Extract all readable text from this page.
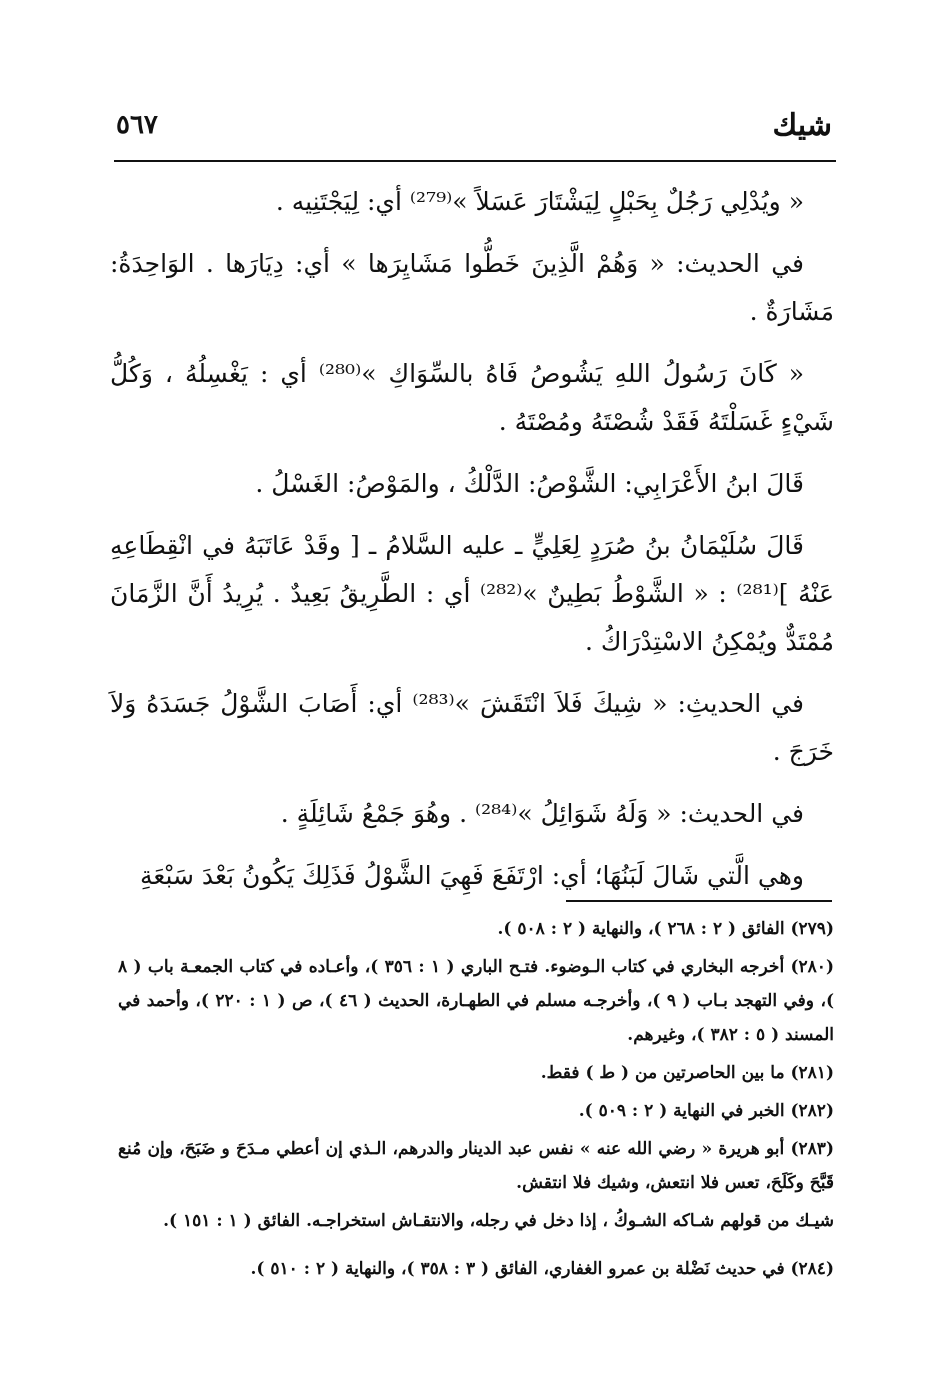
٥٦٧	شيك

« ويُدْلِي رَجُلٌ بِحَبْلٍ لِيَشْتَارَ عَسَلاً »⁽²⁷⁹⁾ أي: لِيَجْتَنِيه .

في الحديث: « وَهُمْ الَّذِينَ خَطُّوا مَشَايِرَها » أي: دِيَارَها . الوَاحِدَةُ: مَشَارَةٌ .

« كَانَ رَسُولُ اللهِ يَشُوصُ فَاهُ بالسِّوَاكِ »⁽²⁸⁰⁾ أي : يَغْسِلُهُ ، وَكُلُّ شَيْءٍ غَسَلْتَهُ فَقَدْ شُصْتَهُ ومُصْتَهُ .

قَالَ ابنُ الأَعْرَابِي: الشَّوْصُ: الدَّلْكُ ، والمَوْصُ: الغَسْلُ .

قَالَ سُلَيْمَانُ بنُ صُرَدٍ لِعَلِيٍّ ـ عليه السَّلامُ ـ [ وقَدْ عَاتَبَهُ في انْقِطَاعِهِ عَنْهُ ]⁽²⁸¹⁾ : « الشَّوْطُ بَطِينٌ »⁽²⁸²⁾ أي : الطَّرِيقُ بَعِيدٌ . يُرِيدُ أَنَّ الزَّمَانَ مُمْتَدٌّ ويُمْكِنُ الاسْتِدْرَاكُ .

في الحديثِ: « شِيكَ فَلاَ انْتَقَشَ »⁽²⁸³⁾ أي: أَصَابَ الشَّوْلُ جَسَدَهُ وَلاَ خَرَجَ .

في الحديث: « وَلَهُ شَوَائِلُ »⁽²⁸⁴⁾ . وهُوَ جَمْعُ شَائِلَةٍ .

وهي الَّتي شَالَ لَبَنُهَا؛ أي: ارْتَفَعَ فَهِيَ الشَّوْلُ فَذَلِكَ يَكُونُ بَعْدَ سَبْعَةِ

(٢٧٩) الفائق ( ٢ : ٢٦٨ )، والنهاية ( ٢ : ٥٠٨ ).

(٢٨٠) أخرجه البخاري في كتاب الـوضوء. فتـح الباري ( ١ : ٣٥٦ )، وأعـاده في كتاب الجمعـة باب ( ٨ )، وفي التهجد بـاب ( ٩ )، وأخرجـه مسلم في الطهـارة، الحديث ( ٤٦ )، ص ( ١ : ٢٢٠ )، وأحمد في المسند ( ٥ : ٣٨٢ )، وغيرهم.

(٢٨١) ما بين الحاصرتين من ( ط ) فقط.

(٢٨٢) الخبر في النهاية ( ٢ : ٥٠٩ ).

(٢٨٣) أبو هريرة « رضي الله عنه » نفس عبد الدينار والدرهم، الـذي إن أعطي مـدَحَ و ضَبَحَ، وإن مُنع قَبَّحَ وكَلَحَ، تعس فلا انتعش، وشيك فلا انتقش.

شيـك من قولهم شـاكه الشـوكُ ، إذا دخل في رجله، والانتقـاش استخراجـه. الفائق ( ١ : ١٥١ ).

(٢٨٤) في حديث نَضْلة بن عمرو الغفاري، الفائق ( ٣ : ٣٥٨ )، والنهاية ( ٢ : ٥١٠ ).
